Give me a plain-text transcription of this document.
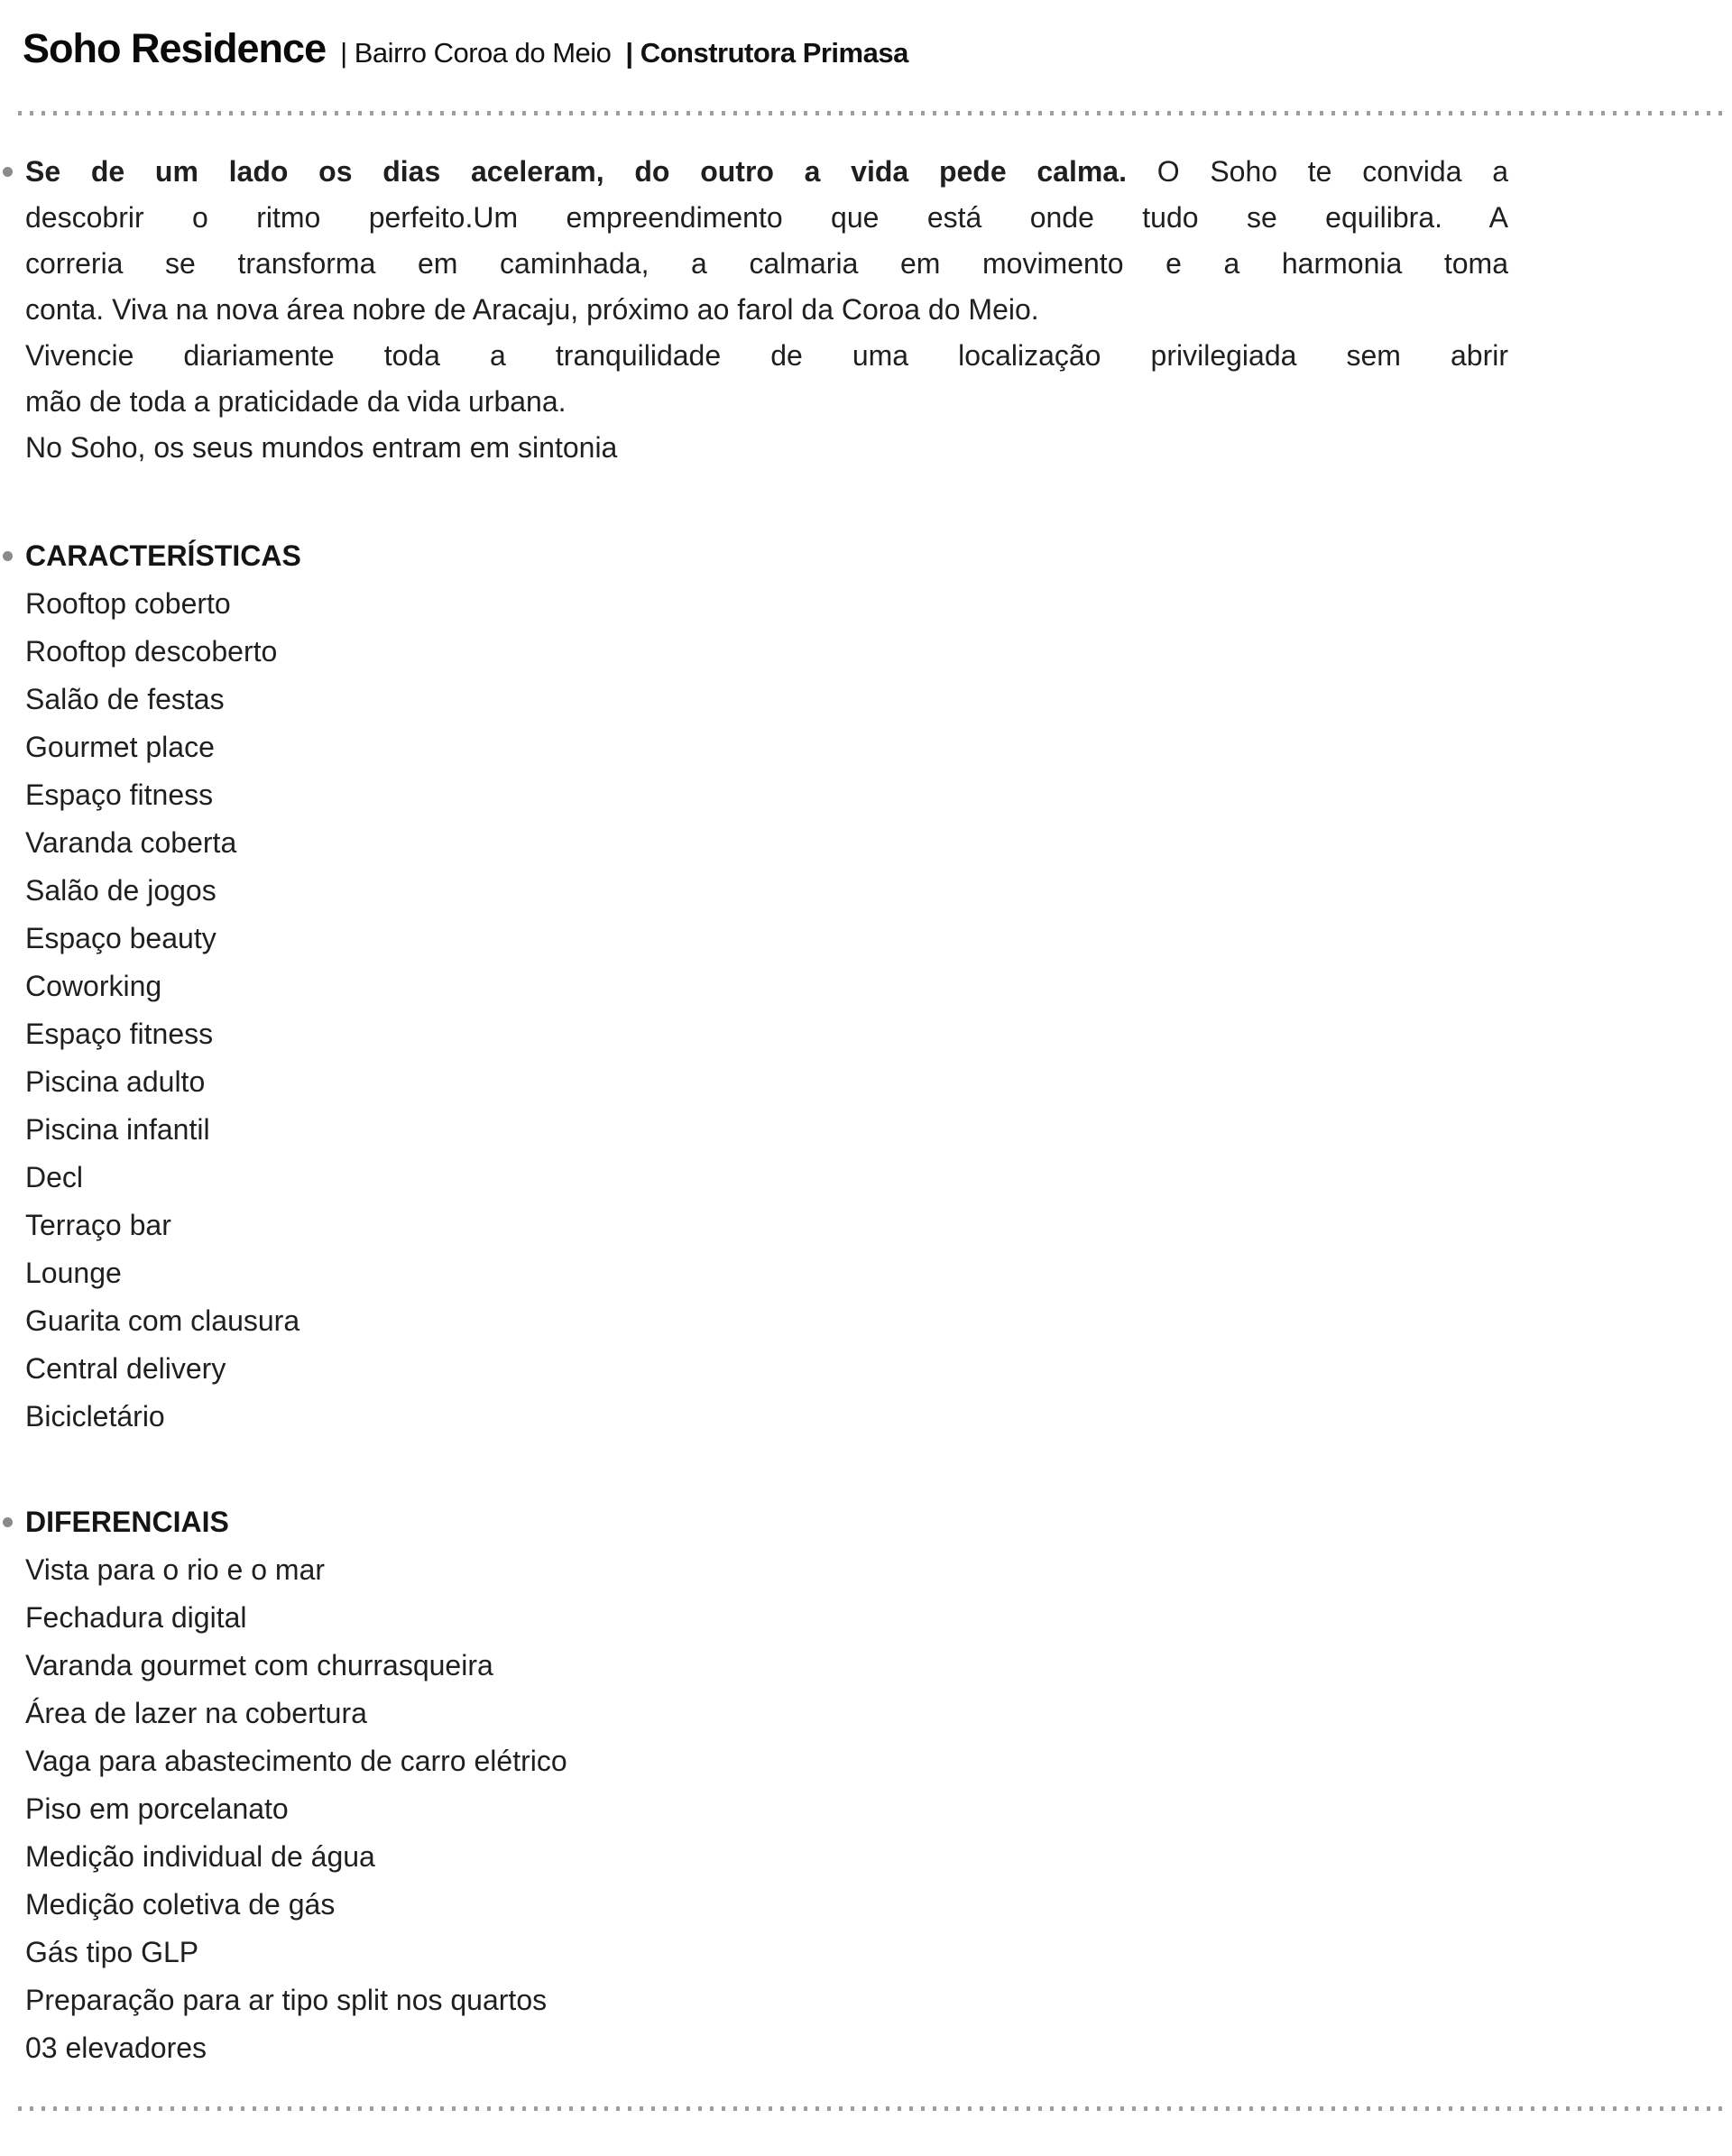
Soho Residence | Bairro Coroa do Meio | Construtora Primasa
Se de um lado os dias aceleram, do outro a vida pede calma. O Soho te convida a
descobrir o ritmo perfeito.Um empreendimento que está onde tudo se equilibra. A
correria se transforma em caminhada, a calmaria em movimento e a harmonia toma
conta. Viva na nova área nobre de Aracaju, próximo ao farol da Coroa do Meio.
Vivencie diariamente toda a tranquilidade de uma localização privilegiada sem abrir
mão de toda a praticidade da vida urbana.
No Soho, os seus mundos entram em sintonia
CARACTERÍSTICAS
Rooftop coberto
Rooftop descoberto
Salão de festas
Gourmet place
Espaço fitness
Varanda coberta
Salão de jogos
Espaço beauty
Coworking
Espaço fitness
Piscina adulto
Piscina infantil
Decl
Terraço bar
Lounge
Guarita com clausura
Central delivery
Bicicletário
DIFERENCIAIS
Vista para o rio e o mar
Fechadura digital
Varanda gourmet com churrasqueira
Área de lazer na cobertura
Vaga para abastecimento de carro elétrico
Piso em porcelanato
Medição individual de água
Medição coletiva de gás
Gás tipo GLP
Preparação para ar tipo split nos quartos
03 elevadores
